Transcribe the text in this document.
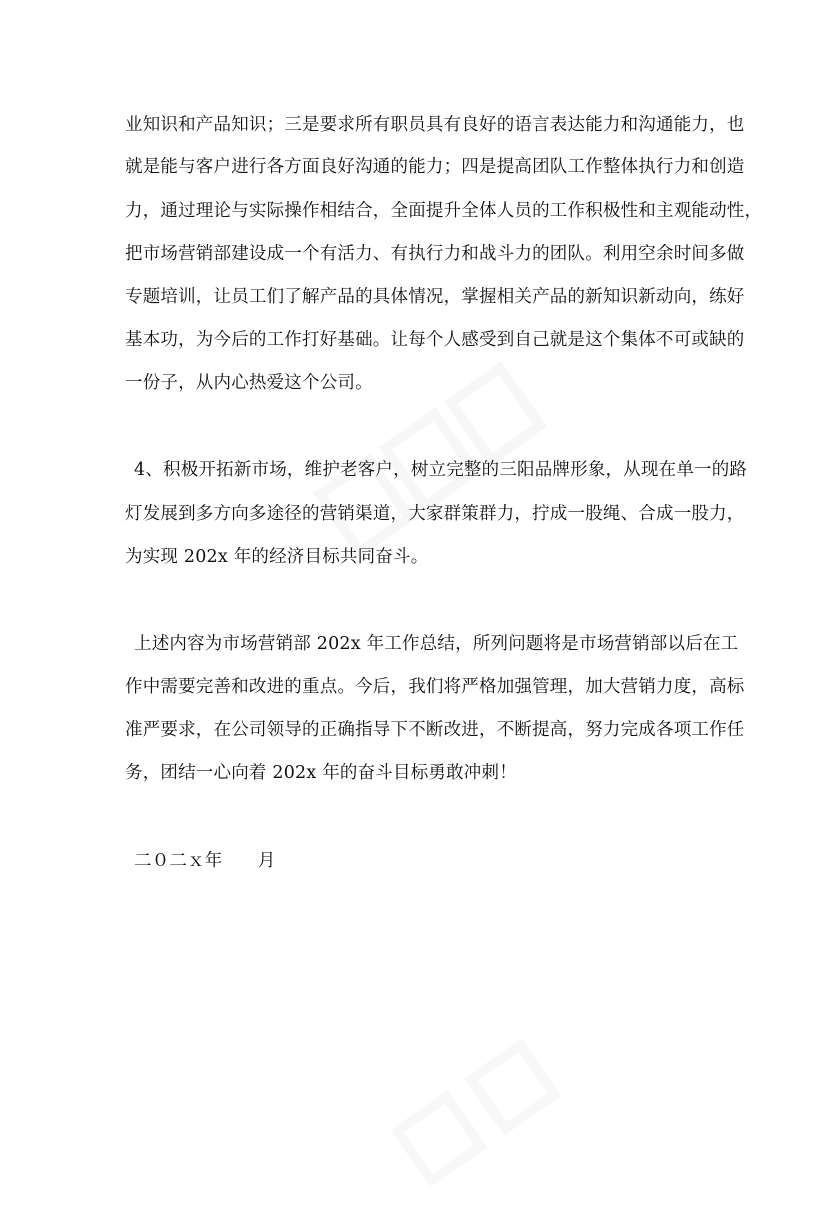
业知识和产品知识；三是要求所有职员具有良好的语言表达能力和沟通能力，也
就是能与客户进行各方面良好沟通的能力；四是提高团队工作整体执行力和创造
力，通过理论与实际操作相结合，全面提升全体人员的工作积极性和主观能动性，
把市场营销部建设成一个有活力、有执行力和战斗力的团队。利用空余时间多做
专题培训，让员工们了解产品的具体情况，掌握相关产品的新知识新动向，练好
基本功，为今后的工作打好基础。让每个人感受到自己就是这个集体不可或缺的
一份子，从内心热爱这个公司。
4、积极开拓新市场，维护老客户，树立完整的三阳品牌形象，从现在单一的路
灯发展到多方向多途径的营销渠道，大家群策群力，拧成一股绳、合成一股力，
为实现 202x 年的经济目标共同奋斗。
上述内容为市场营销部 202x 年工作总结，所列问题将是市场营销部以后在工
作中需要完善和改进的重点。今后，我们将严格加强管理，加大营销力度，高标
准严要求，在公司领导的正确指导下不断改进，不断提高，努力完成各项工作任
务，团结一心向着 202x 年的奋斗目标勇敢冲刺！
二０二ｘ年　　月
